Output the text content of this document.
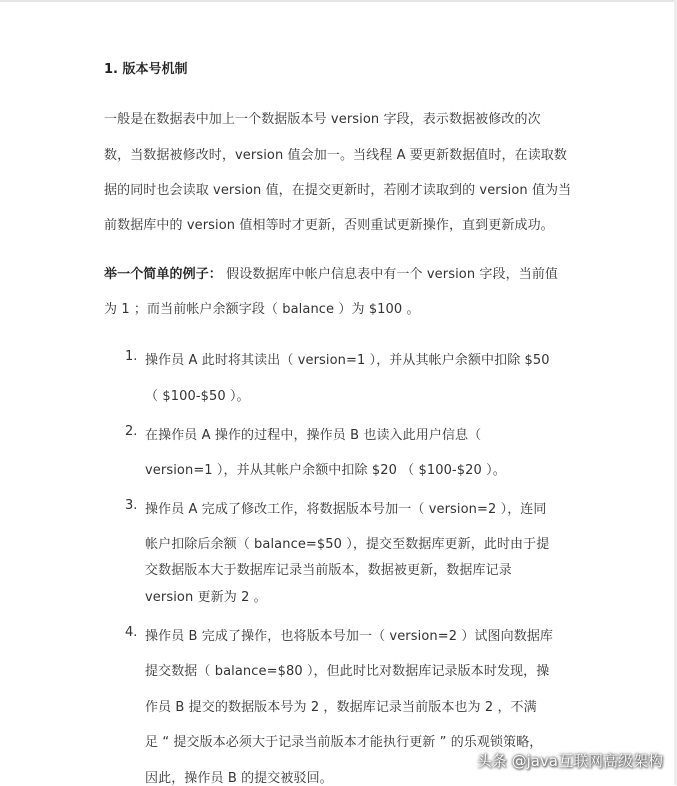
1. 版本号机制
一般是在数据表中加上一个数据版本号 version 字段，表示数据被修改的次
数，当数据被修改时，version 值会加一。当线程 A 要更新数据值时，在读取数
据的同时也会读取 version 值，在提交更新时，若刚才读取到的 version 值为当
前数据库中的 version 值相等时才更新，否则重试更新操作，直到更新成功。
举一个简单的例子： 假设数据库中帐户信息表中有一个 version 字段，当前值
为 1 ；而当前帐户余额字段（ balance ）为 $100 。
1. 操作员 A 此时将其读出（ version=1 ），并从其帐户余额中扣除 $50
（ $100-$50 ）。
2. 在操作员 A 操作的过程中，操作员 B 也读入此用户信息（
version=1 ），并从其帐户余额中扣除 $20 （ $100-$20 ）。
3. 操作员 A 完成了修改工作，将数据版本号加一（ version=2 ），连同
帐户扣除后余额（ balance=$50 ），提交至数据库更新，此时由于提
交数据版本大于数据库记录当前版本，数据被更新，数据库记录
version 更新为 2 。
4. 操作员 B 完成了操作，也将版本号加一（ version=2 ）试图向数据库
提交数据（ balance=$80 ），但此时比对数据库记录版本时发现，操
作员 B 提交的数据版本号为 2 ，数据库记录当前版本也为 2 ，不满
足 “ 提交版本必须大于记录当前版本才能执行更新 ” 的乐观锁策略，
因此，操作员 B 的提交被驳回。
头条 @java互联网高级架构
